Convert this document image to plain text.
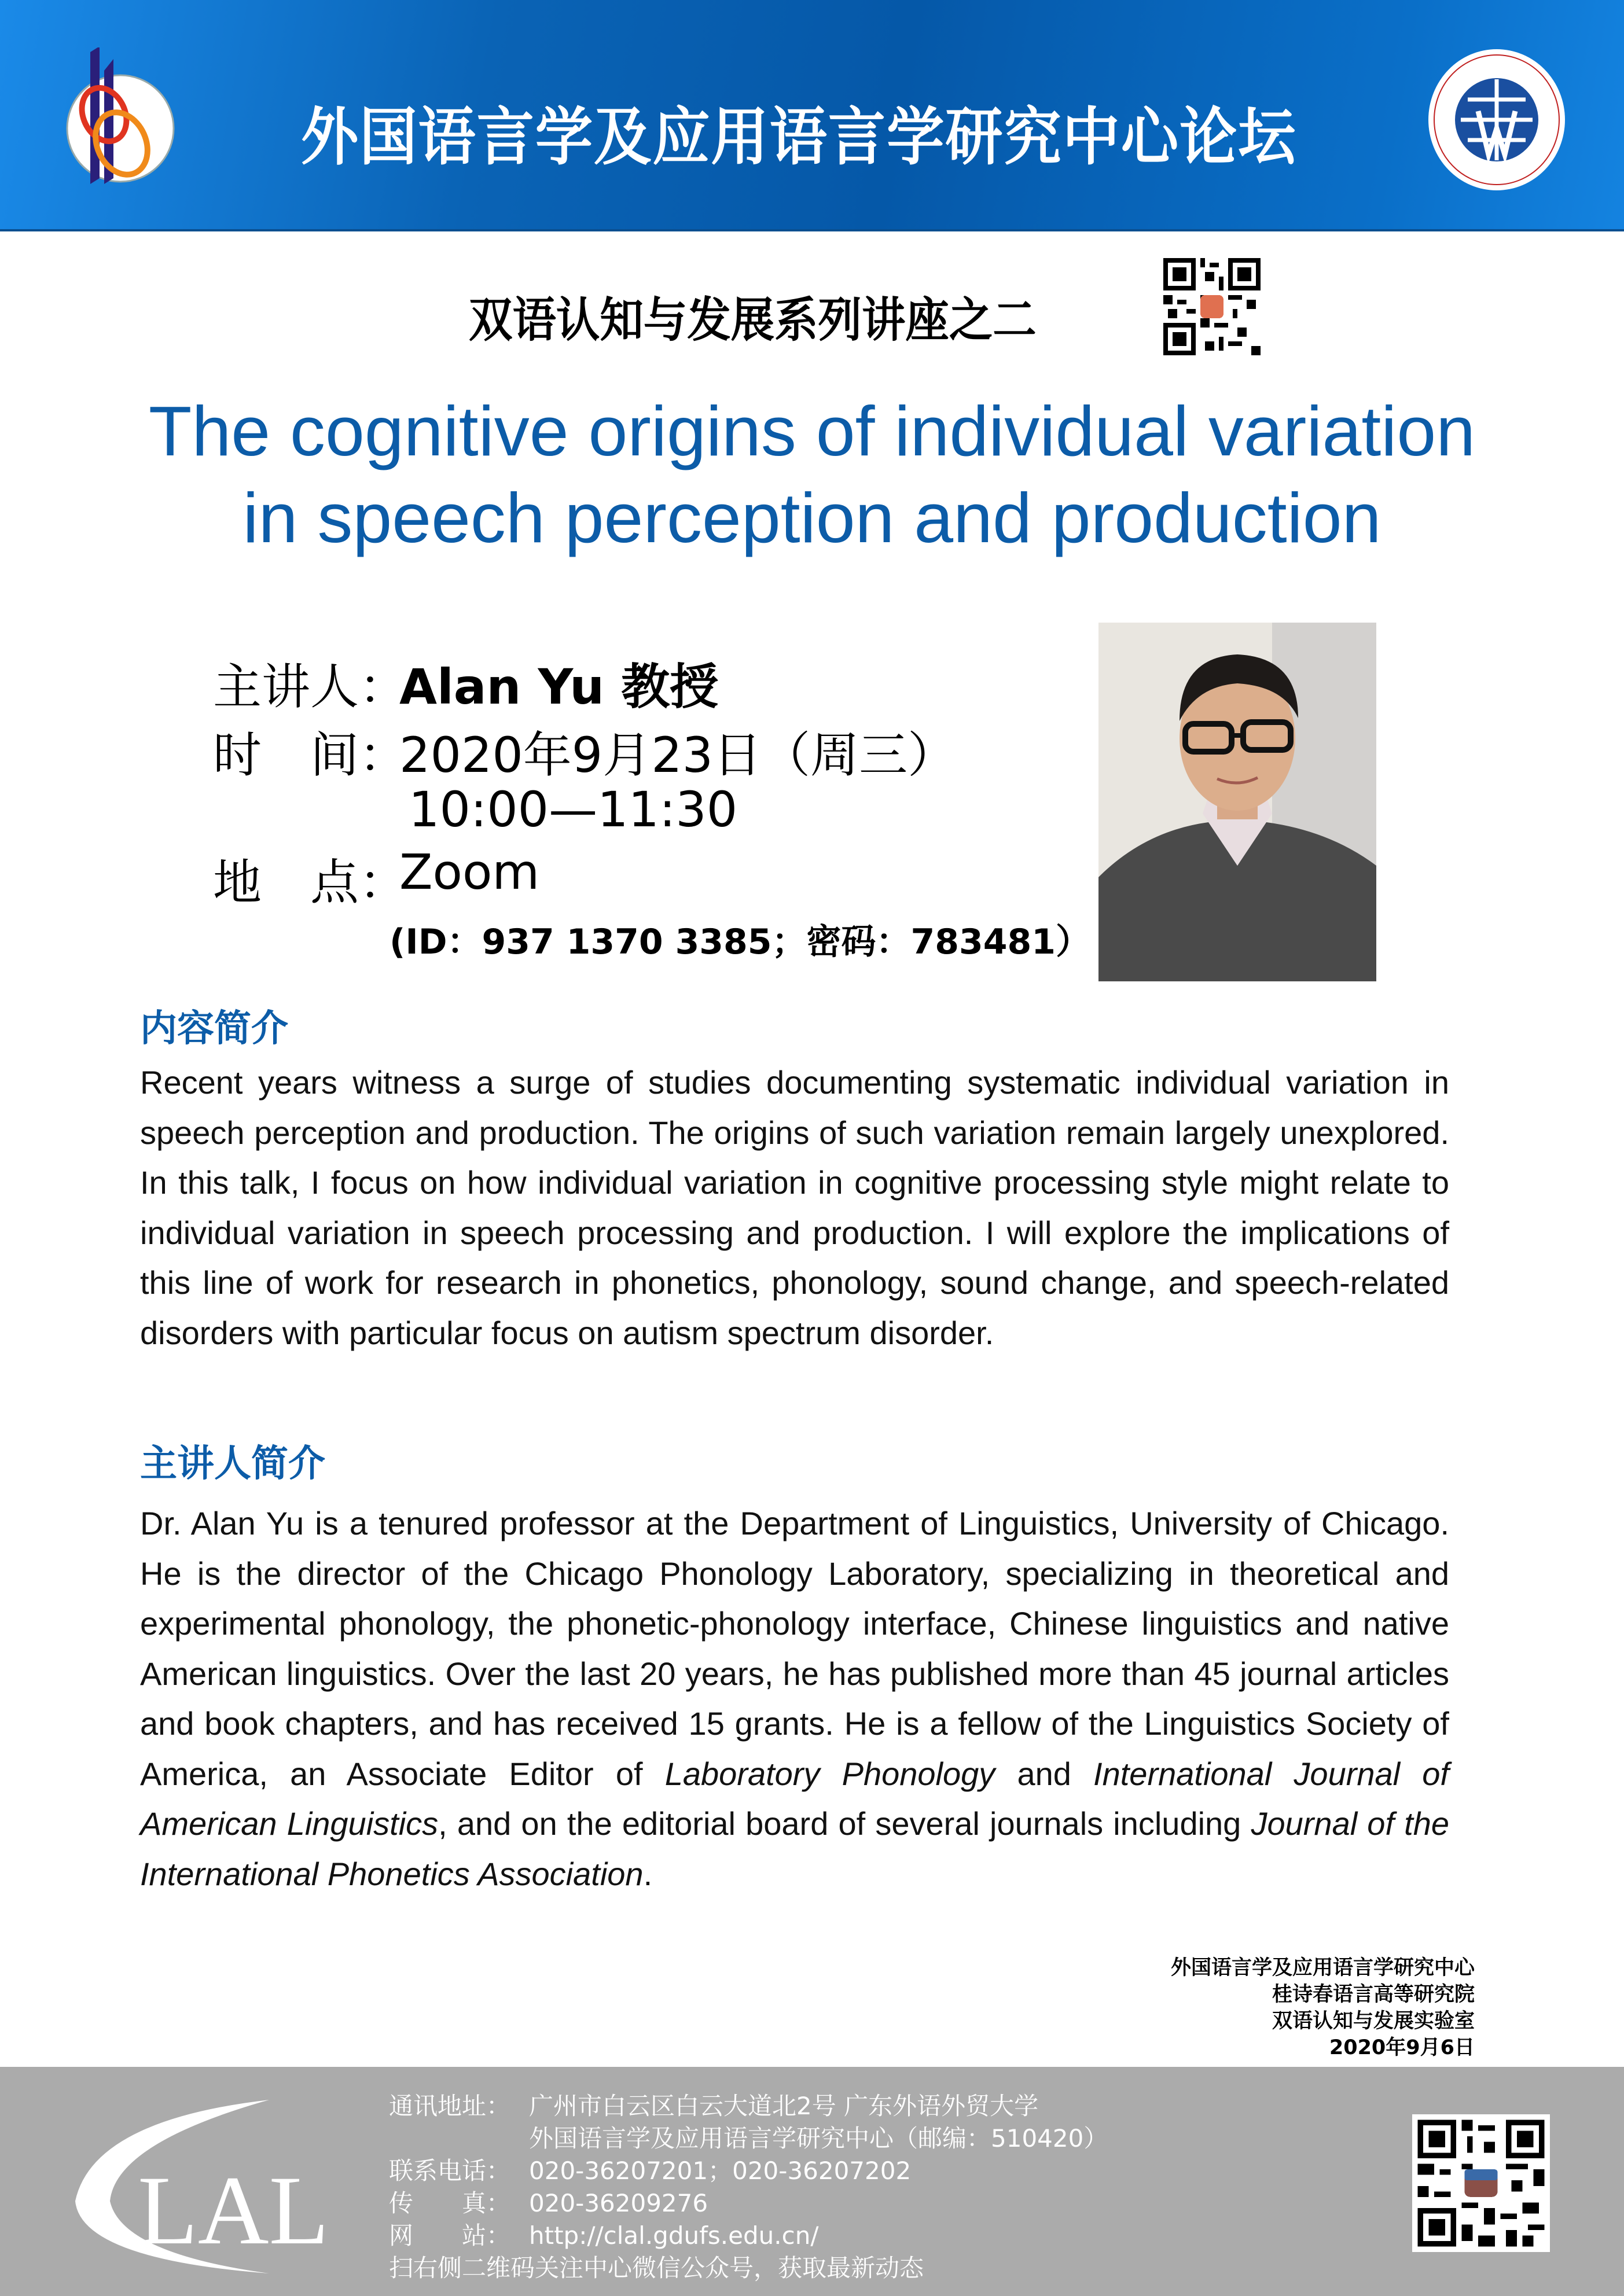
外国语言学及应用语言学研究中心论坛
双语认知与发展系列讲座之二
The cognitive origins of individual variation
in speech perception and production
主讲人：
Alan Yu 教授
时　间：
2020年9月23日（周三）
10:00—11:30
地　点：
Zoom
(ID：937 1370 3385；密码：783481）
内容简介
Recent years witness a surge of studies documenting systematic individual variation in speech perception and production. The origins of such variation remain largely unexplored. In this talk, I focus on how individual variation in cognitive processing style might relate to individual variation in speech processing and production. I will explore the implications of this line of work for research in phonetics, phonology, sound change, and speech-related disorders with particular focus on autism spectrum disorder.
主讲人简介
Dr. Alan Yu is a tenured professor at the Department of Linguistics, University of Chicago. He is the director of the Chicago Phonology Laboratory, specializing in theoretical and experimental phonology, the phonetic-phonology interface, Chinese linguistics and native American linguistics. Over the last 20 years, he has published more than 45 journal articles and book chapters, and has received 15 grants. He is a fellow of the Linguistics Society of America, an Associate Editor of Laboratory Phonology and International Journal of American Linguistics, and on the editorial board of several journals including Journal of the International Phonetics Association.
外国语言学及应用语言学研究中心
桂诗春语言高等研究院
双语认知与发展实验室
2020年9月6日
LAL
通讯地址： 广州市白云区白云大道北2号 广东外语外贸大学
外国语言学及应用语言学研究中心（邮编：510420）
联系电话： 020-36207201；020-36207202
传　　真： 020-36209276
网　　站： http://clal.gdufs.edu.cn/
扫右侧二维码关注中心微信公众号，获取最新动态
